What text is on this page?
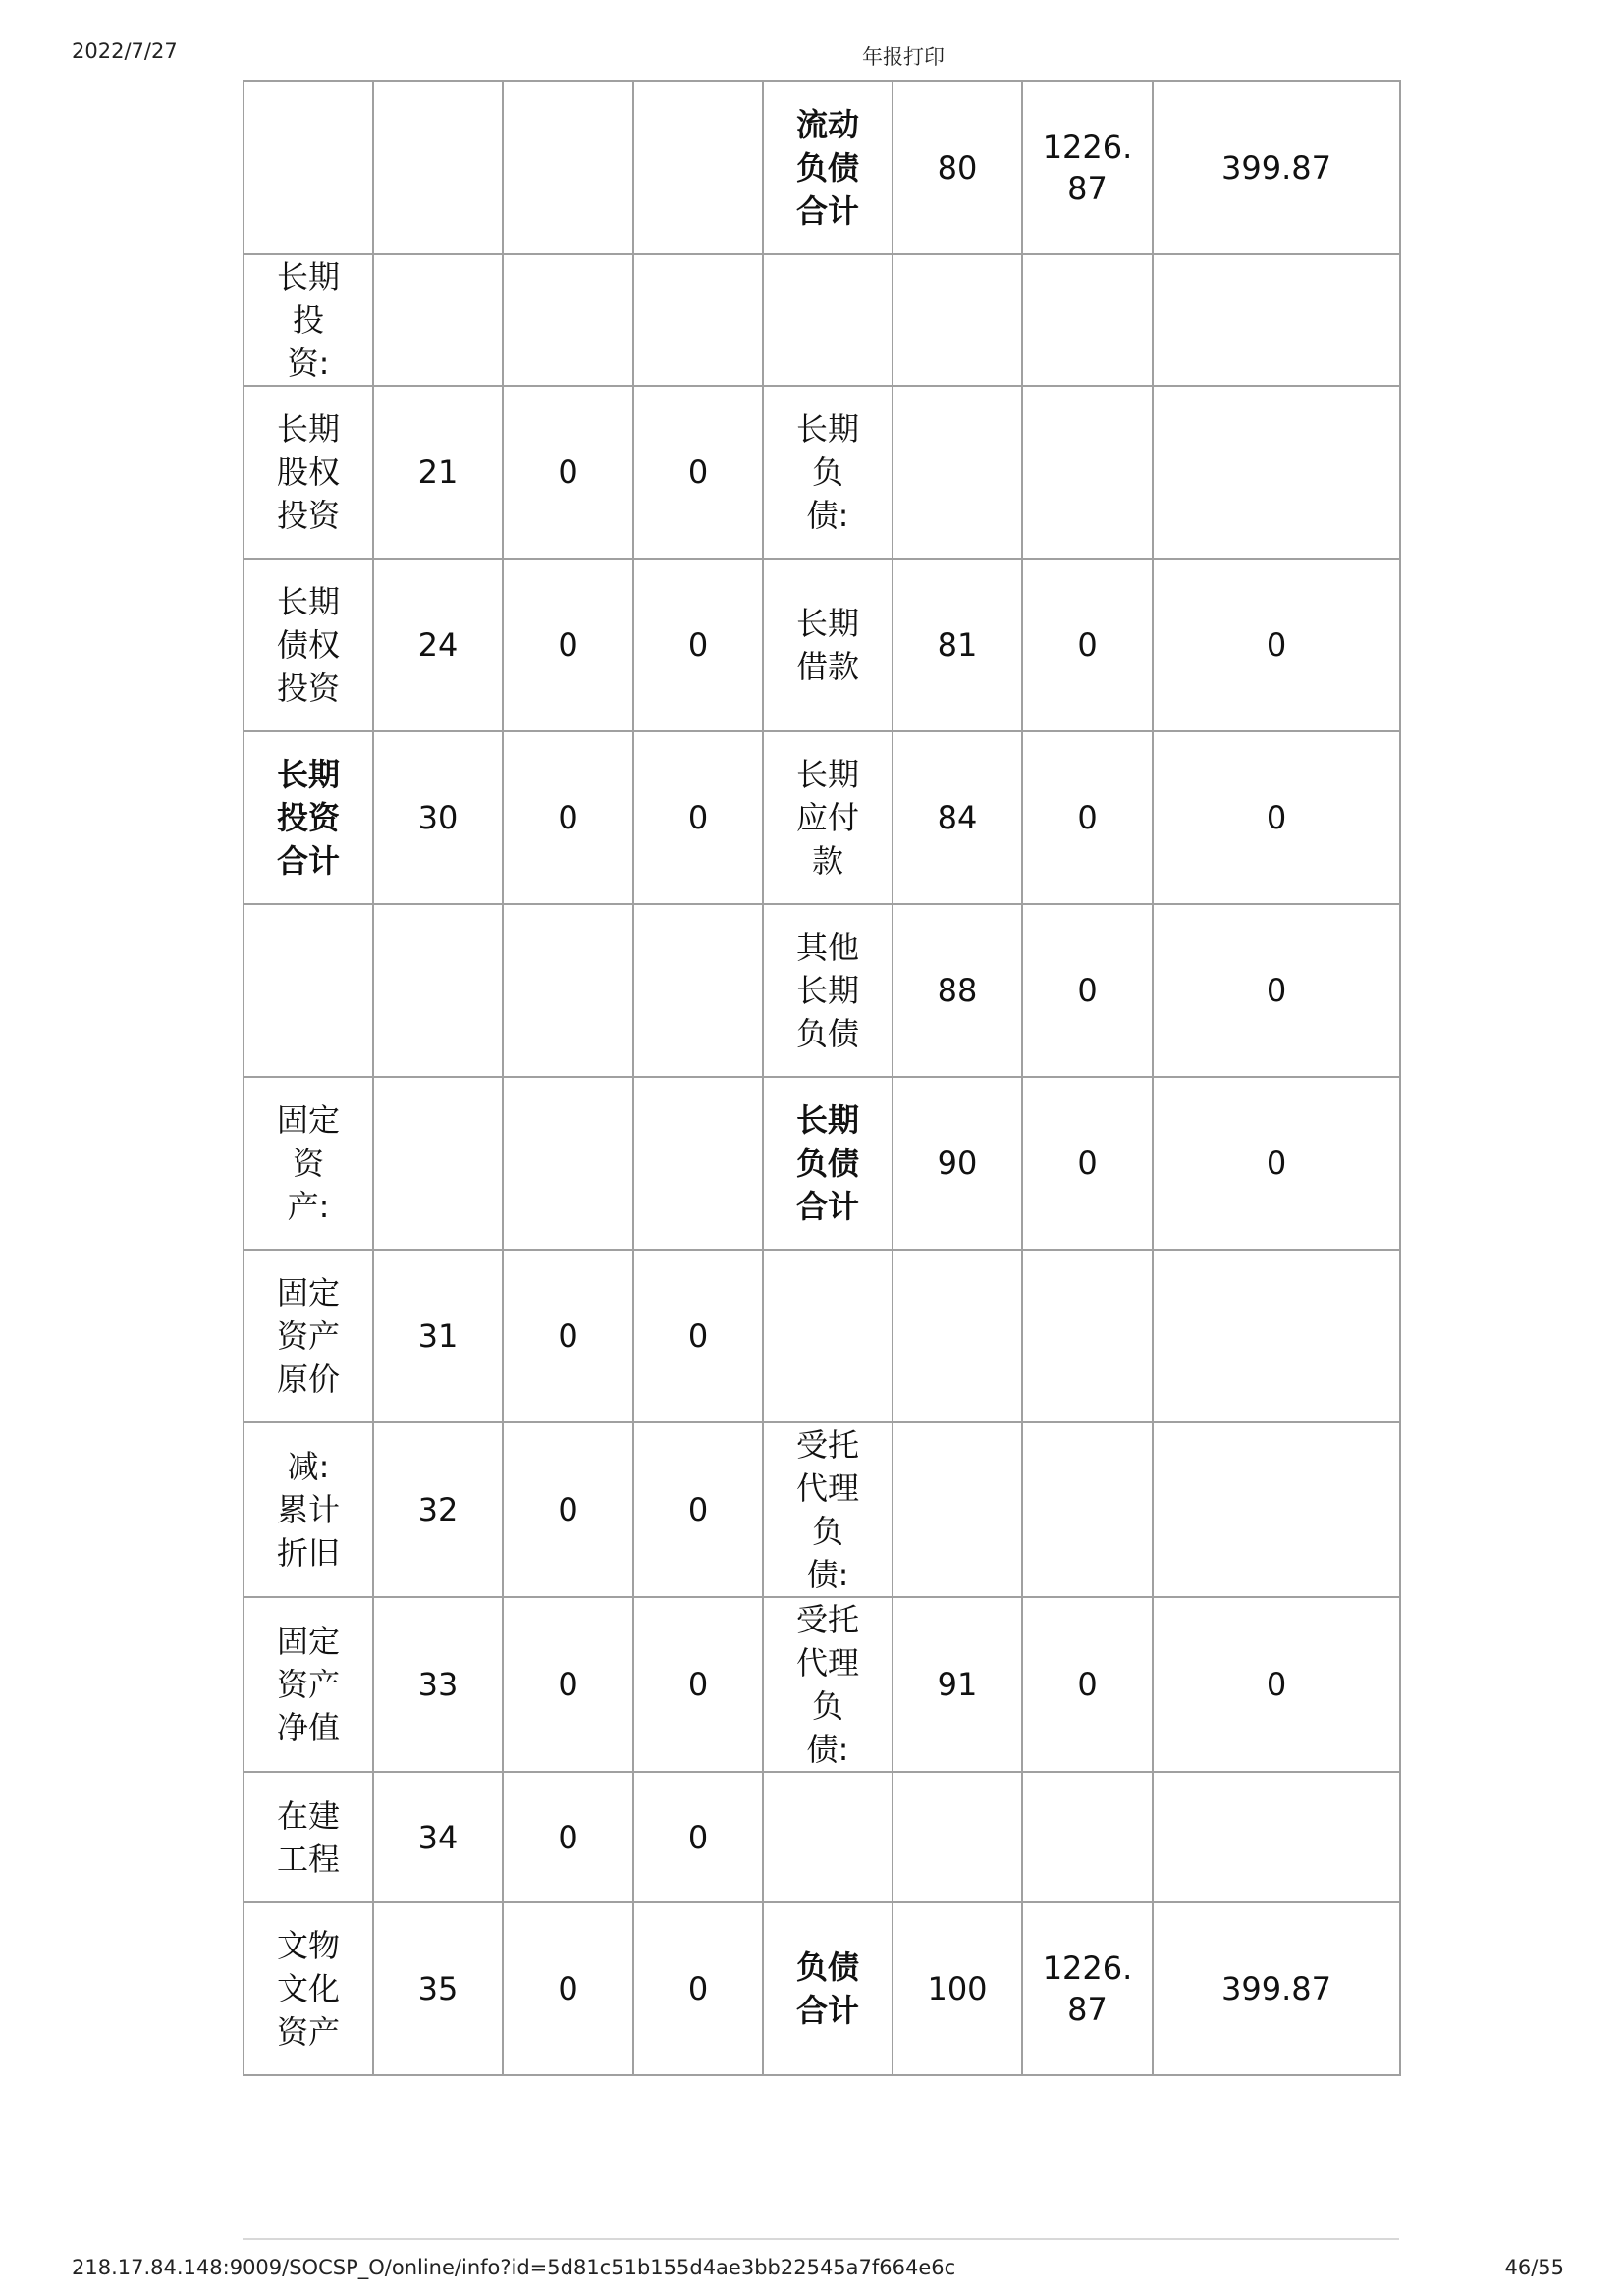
2022/7/27	年报打印
				流动负债合计	80	1226.87	399.87
长期投资:							
长期股权投资	21	0	0	长期负债:			
长期债权投资	24	0	0	长期借款	81	0	0
长期投资合计	30	0	0	长期应付款	84	0	0
				其他长期负债	88	0	0
固定资产:				长期负债合计	90	0	0
固定资产原价	31	0	0				
减:累计折旧	32	0	0	受托代理负债:			
固定资产净值	33	0	0	受托代理负债:	91	0	0
在建工程	34	0	0				
文物文化资产	35	0	0	负债合计	100	1226.87	399.87
218.17.84.148:9009/SOCSP_O/online/info?id=5d81c51b155d4ae3bb22545a7f664e6c	46/55
